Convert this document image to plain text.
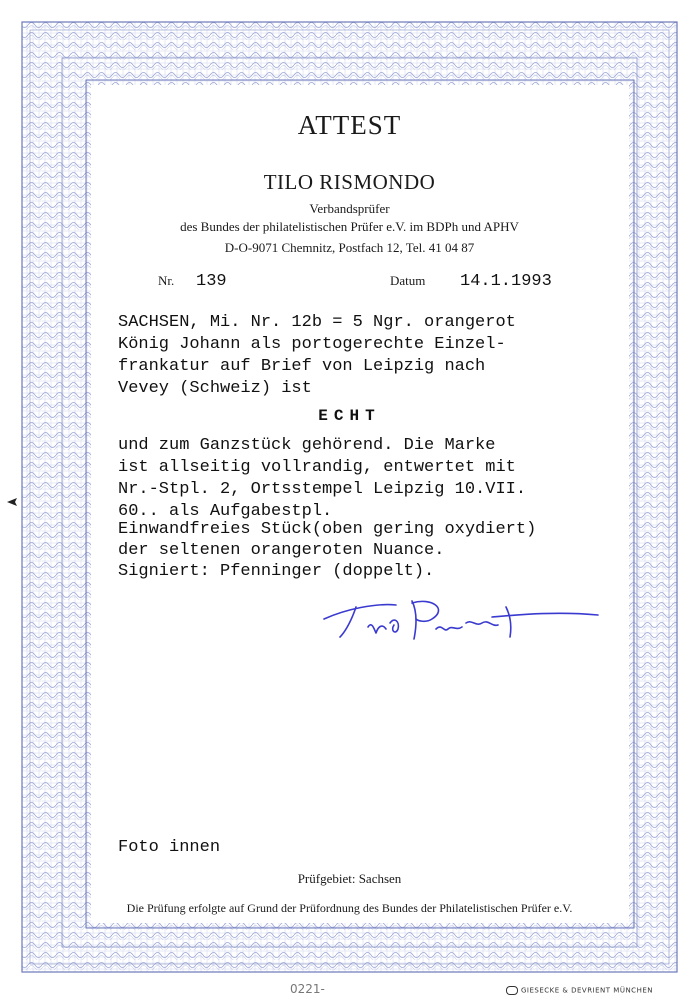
ATTEST
TILO RISMONDO
Verbandsprüfer
des Bundes der philatelistischen Prüfer e.V. im BDPh und APHV
D-O-9071 Chemnitz, Postfach 12, Tel. 41 04 87
Nr. 139	Datum 14.1.1993
SACHSEN, Mi. Nr. 12b = 5 Ngr. orangerot
König Johann als portogerechte Einzel-
frankatur auf Brief von Leipzig nach
Vevey (Schweiz) ist
ECHT
und zum Ganzstück gehörend. Die Marke
ist allseitig vollrandig, entwertet mit
Nr.-Stpl. 2, Ortsstempel Leipzig 10.VII.
60.. als Aufgabestpl.
Einwandfreies Stück(oben gering oxydiert)
der seltenen orangeroten Nuance.
Signiert: Pfenninger (doppelt).
Foto innen
Prüfgebiet: Sachsen
Die Prüfung erfolgte auf Grund der Prüfordnung des Bundes der Philatelistischen Prüfer e.V.
0221-	GIESECKE & DEVRIENT MÜNCHEN
